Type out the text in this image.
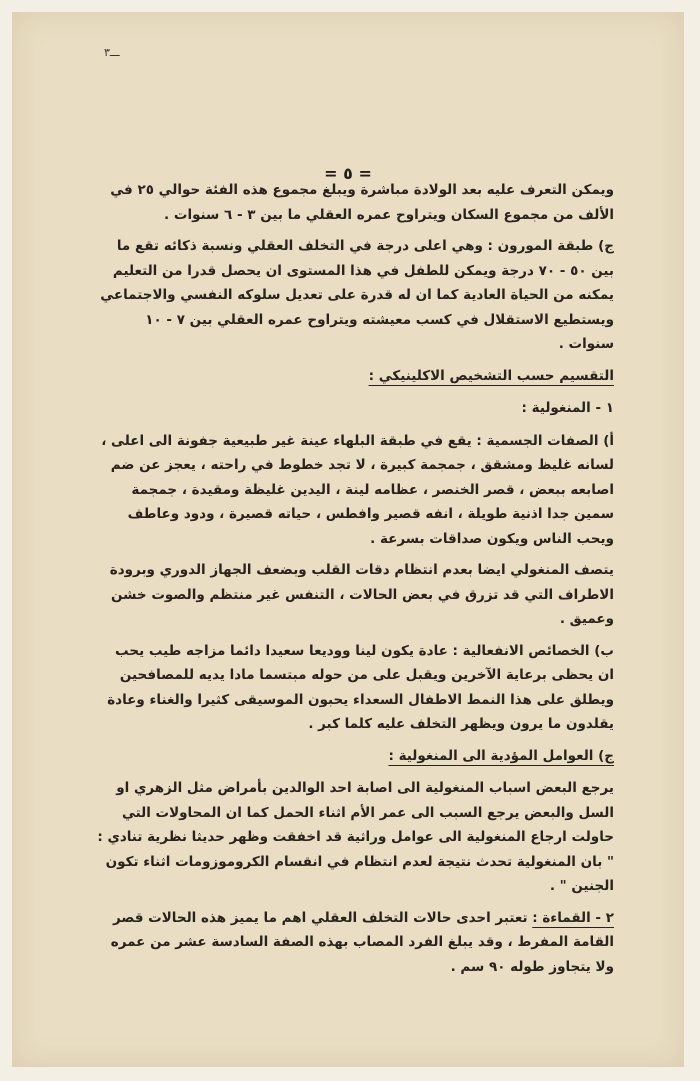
ـــ٣
= ٥ =

ويمكن التعرف عليه بعد الولادة مباشرة ويبلغ مجموع هذه الفئة حوالي ٢٥ في الألف من مجموع السكان ويتراوح عمره العقلي ما بين ٣ - ٦ سنوات .

ج) طبقة المورون : وهي اعلى درجة في التخلف العقلي ونسبة ذكائه تقع ما بين ٥٠ - ٧٠ درجة ويمكن للطفل في هذا المستوى ان يحصل قدرا من التعليم يمكنه من الحياة العادية كما ان له قدرة على تعديل سلوكه النفسي والاجتماعي ويستطيع الاستقلال في كسب معيشته ويتراوح عمره العقلي بين ٧ - ١٠ سنوات .

التقسيم حسب التشخيص الاكلينيكي :
١ - المنغولية :

أ) الصفات الجسمية : يقع في طبقة البلهاء عينة غير طبيعية جفونة الى اعلى ، لسانه غليظ ومشقق ، جمجمة كبيرة ، لا تجد خطوط في راحته ، يعجز عن ضم اصابعه ببعض ، قصر الخنصر ، عظامه لينة ، اليدين غليظة ومقيدة ، جمجمة سمين جدا اذنية طويلة ، انفه قصير وافطس ، حياته قصيرة ، ودود وعاطف ويحب الناس ويكون صداقات بسرعة .

يتصف المنغولي ايضا بعدم انتظام دقات القلب وبضعف الجهاز الدوري وبرودة الاطراف التي قد تزرق في بعض الحالات ، التنفس غير منتظم والصوت خشن وعميق .

ب) الخصائص الانفعالية : عادة يكون لينا ووديعا سعيدا دائما مزاجه طيب يحب ان يحظى برعاية الآخرين ويقبل على من حوله مبتسما مادا يديه للمصافحين ويطلق على هذا النمط الاطفال السعداء يحبون الموسيقى كثيرا والغناء وعادة يقلدون ما يرون ويظهر التخلف عليه كلما كبر .

ج) العوامل المؤدية الى المنغولية :

يرجع البعض اسباب المنغولية الى اصابة احد الوالدين بأمراض مثل الزهري او السل والبعض يرجع السبب الى عمر الأم اثناء الحمل كما ان المحاولات التي حاولت ارجاع المنغولية الى عوامل وراثية قد اخفقت وظهر حديثا نظرية تنادي : " بان المنغولية تحدث نتيجة لعدم انتظام في انقسام الكروموزومات اثناء تكون الجنين " .

٢ - القماءة : تعتبر احدى حالات التخلف العقلي اهم ما يميز هذه الحالات قصر القامة المفرط ، وقد يبلغ الفرد المصاب بهذه الصفة السادسة عشر من عمره ولا يتجاوز طوله ٩٠ سم .
